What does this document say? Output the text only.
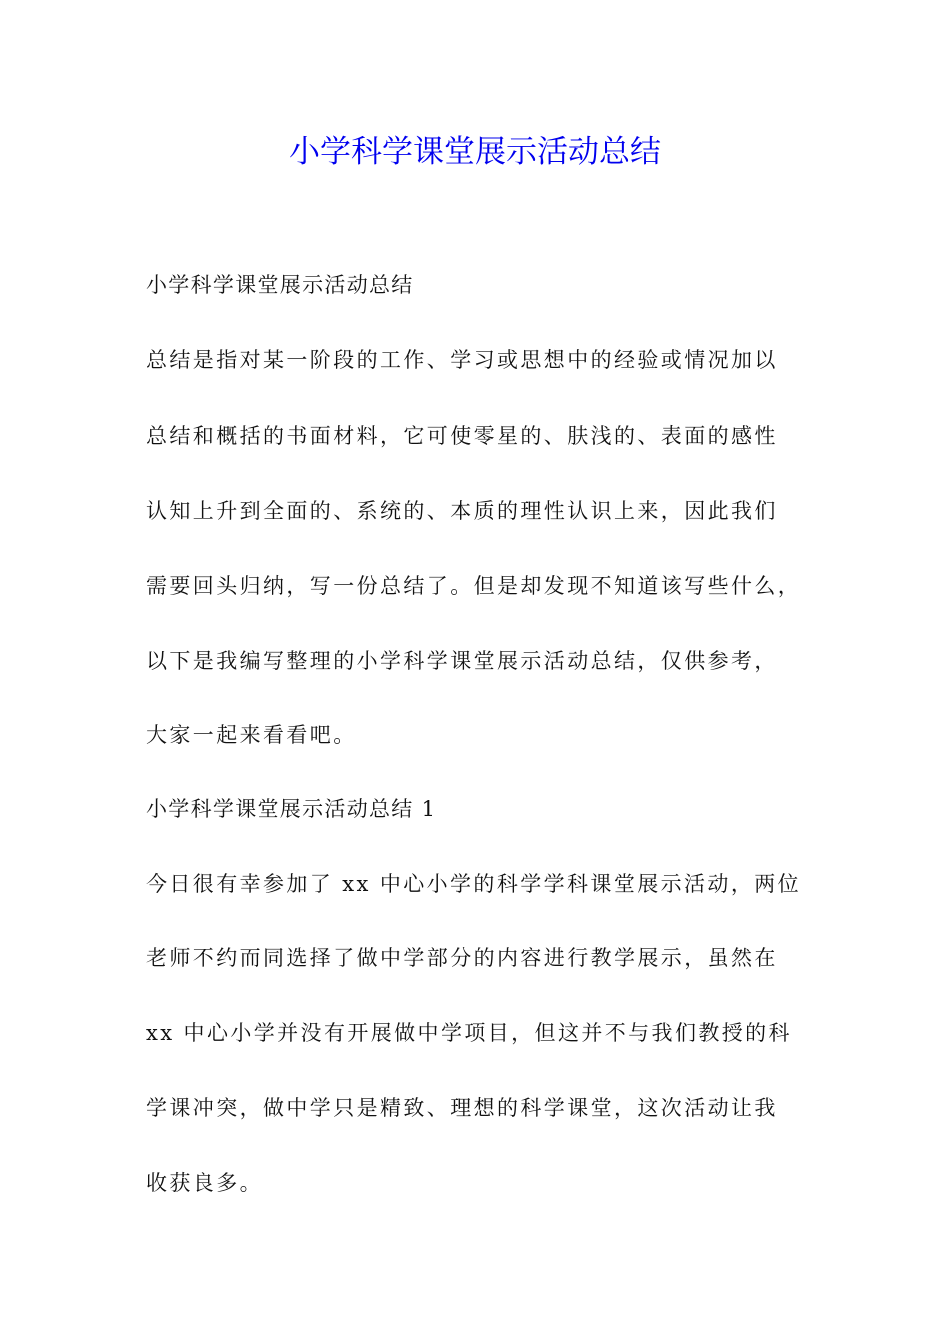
小学科学课堂展示活动总结

小学科学课堂展示活动总结

总结是指对某一阶段的工作、学习或思想中的经验或情况加以

总结和概括的书面材料，它可使零星的、肤浅的、表面的感性

认知上升到全面的、系统的、本质的理性认识上来，因此我们

需要回头归纳，写一份总结了。但是却发现不知道该写些什么，

以下是我编写整理的小学科学课堂展示活动总结，仅供参考，

大家一起来看看吧。

小学科学课堂展示活动总结 1

今日很有幸参加了 xx 中心小学的科学学科课堂展示活动，两位

老师不约而同选择了做中学部分的内容进行教学展示，虽然在

xx 中心小学并没有开展做中学项目，但这并不与我们教授的科

学课冲突，做中学只是精致、理想的科学课堂，这次活动让我

收获良多。
